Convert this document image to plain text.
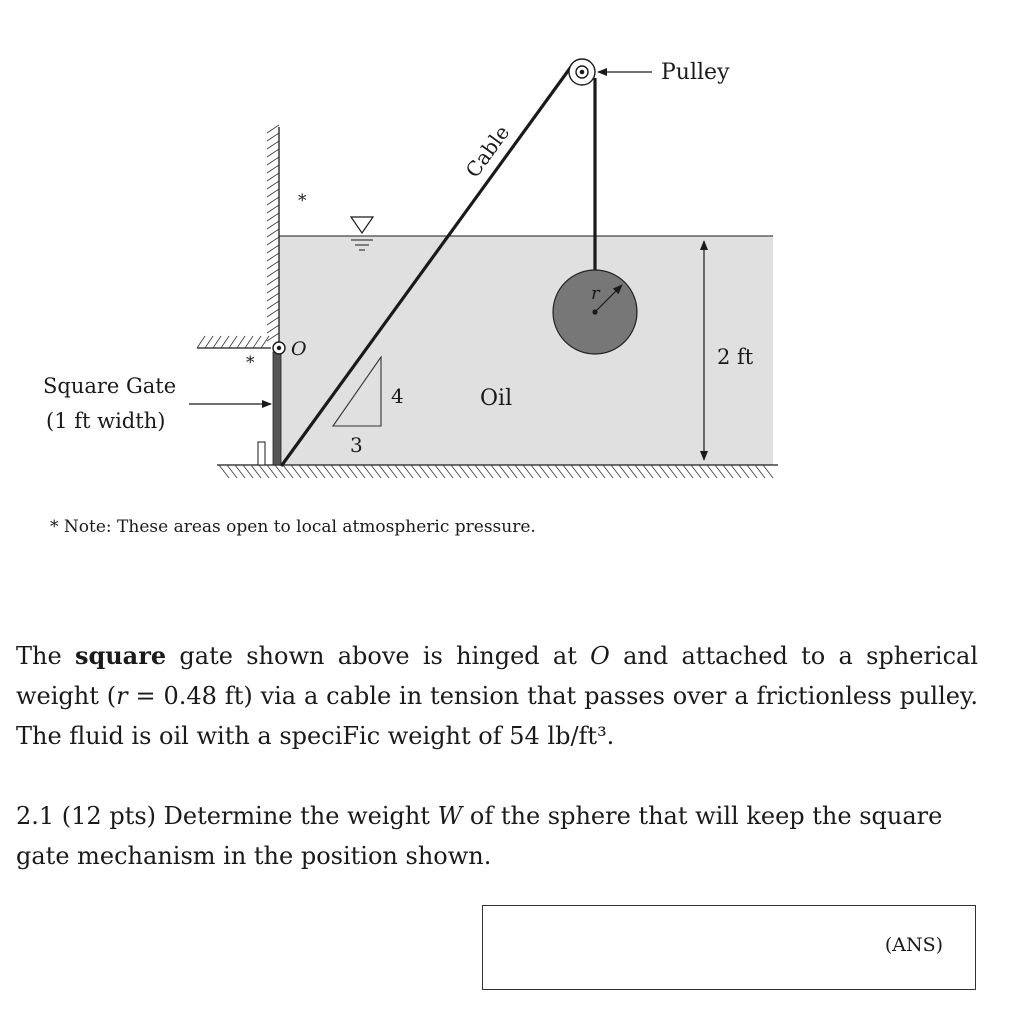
Pulley
Cable
O
r
2 ft
Oil
Square Gate
(1 ft width)
4
3
*
*

* Note: These areas open to local atmospheric pressure.

The square gate shown above is hinged at O and attached to a spherical weight (r = 0.48 ft) via a cable in tension that passes over a frictionless pulley. The fluid is oil with a speciFic weight of 54 lb/ft³.

2.1 (12 pts) Determine the weight W of the sphere that will keep the square gate mechanism in the position shown.

(ANS)
